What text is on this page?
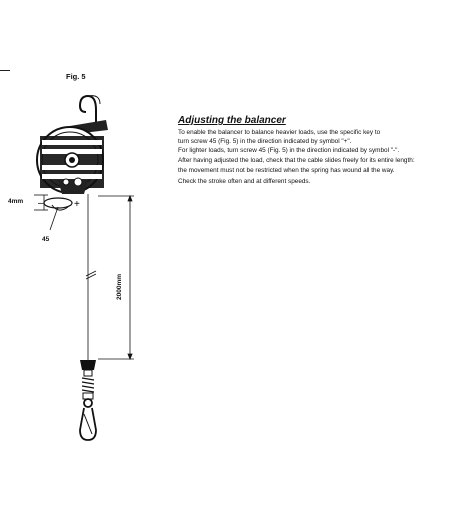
Fig. 5
–	+
4mm
45
2000mm
Adjusting the balancer
To enable the balancer to balance heavier loads, use the specific key to
turn screw 45 (Fig. 5) in the direction indicated by symbol "+".
For lighter loads, turn screw 45 (Fig. 5) in the direction indicated by symbol "-".
After having adjusted the load, check that the cable slides freely for its entire length:
the movement must not be restricted when the spring has wound all the way.
Check the stroke often and at different speeds.
